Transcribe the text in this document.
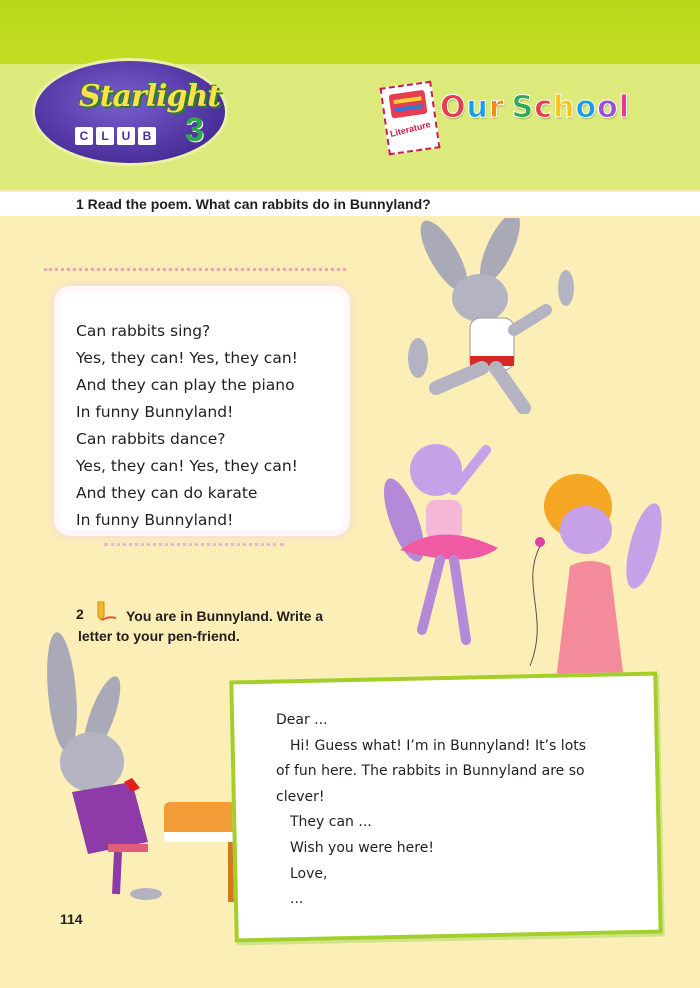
Starlight
C	L	U	B 3	Literature
O u r S c h o o l
1 Read the poem. What can rabbits do in Bunnyland?
Can rabbits sing?
Yes, they can! Yes, they can!
And they can play the piano
In funny Bunnyland!
Can rabbits dance?
Yes, they can! Yes, they can!
And they can do karate
In funny Bunnyland!
2	You are in Bunnyland. Write a
letter to your pen-friend.
Dear ...
Hi! Guess what! I’m in Bunnyland! It’s lots
of fun here. The rabbits in Bunnyland are so
clever!
They can ...
Wish you were here!
Love,
...
114
